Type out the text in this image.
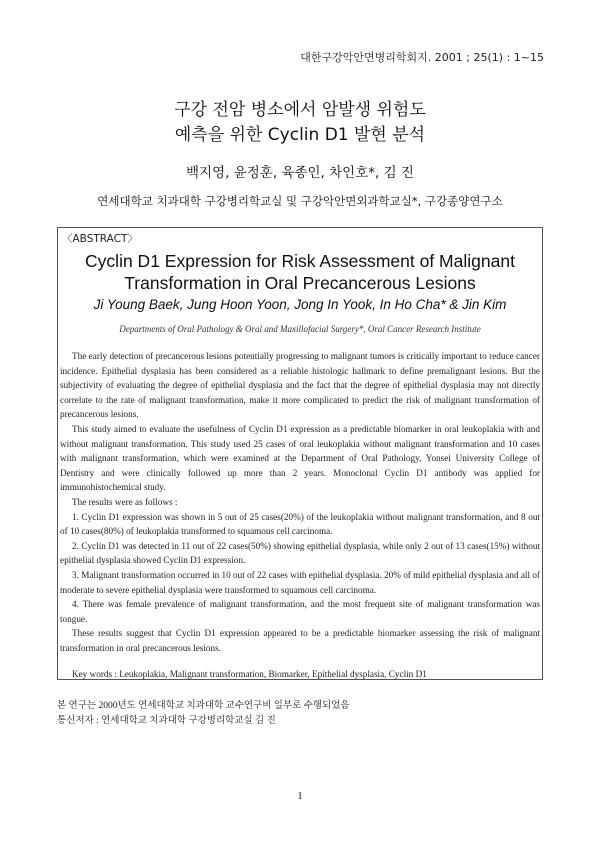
대한구강악안면병리학회지. 2001 ; 25(1) : 1~15
구강 전암 병소에서 암발생 위험도
예측을 위한 Cyclin D1 발현 분석
백지영, 윤정훈, 육종인, 차인호*, 김 진
연세대학교 치과대학 구강병리학교실 및 구강악안면외과학교실*, 구강종양연구소
〈ABSTRACT〉
Cyclin D1 Expression for Risk Assessment of Malignant
Transformation in Oral Precancerous Lesions
Ji Young Baek, Jung Hoon Yoon, Jong In Yook, In Ho Cha* & Jin Kim
Departments of Oral Pathology & Oral and Maxillofacial Surgery*, Oral Cancer Research Institute

The early detection of precancerous lesions potentially progressing to malignant tumors is critically important to reduce cancer incidence. Epithelial dysplasia has been considered as a reliable histologic hallmark to define premalignant lesions. But the subjectivity of evaluating the degree of epithelial dysplasia and the fact that the degree of epithelial dysplasia may not directly correlate to the rate of malignant transformation, make it more complicated to predict the risk of malignant transformation of precancerous lesions.

This study aimed to evaluate the usefulness of Cyclin D1 expression as a predictable biomarker in oral leukoplakia with and without malignant transformation. This study used 25 cases of oral leukoplakia without malignant transformation and 10 cases with malignant transformation, which were examined at the Department of Oral Pathology, Yonsei University College of Dentistry and were clinically followed up more than 2 years. Monoclonal Cyclin D1 antibody was applied for immunohistochemical study.

The results were as follows :

1. Cyclin D1 expression was shown in 5 out of 25 cases(20%) of the leukoplakia without malignant transformation, and 8 out of 10 cases(80%) of leukoplakia transformed to squamous cell carcinoma.

2. Cyclin D1 was detected in 11 out of 22 cases(50%) showing epithelial dysplasia, while only 2 out of 13 cases(15%) without epithelial dysplasia showed Cyclin D1 expression.

3. Malignant transformation occurred in 10 out of 22 cases with epithelial dysplasia. 20% of mild epithelial dysplasia and all of moderate to severe epithelial dysplasia were transformed to squamous cell carcinoma.

4. There was female prevalence of malignant transformation, and the most frequent site of malignant transformation was tongue.

These results suggest that Cyclin D1 expression appeared to be a predictable biomarker assessing the risk of malignant transformation in oral precancerous lesions.

Key words : Leukoplakia, Malignant transformation, Biomarker, Epithelial dysplasia, Cyclin D1
본 연구는 2000년도 연세대학교 치과대학 교수연구비 일부로 수행되었음
통신저자 : 연세대학교 치과대학 구강병리학교실 김 진
1
